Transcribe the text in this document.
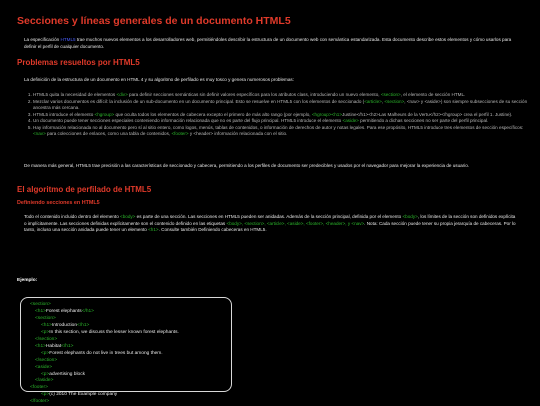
Secciones y líneas generales de un documento HTML5

La especificación HTML5 trae muchos nuevos elementos a los desarrolladores web, permitiéndoles describir la estructura de un documento web con semántica estandarizada. Esta documento describe estos elementos y cómo usarlos para definir el perfil de cualquier documento.

Problemas resueltos por HTML5

La definición de la estructura de un documento en HTML 4 y su algoritmo de perfilado es muy tosco y genera numerosos problemas:

1. HTML5 quita la necesidad de elementos <div> para definir secciones semánticas sin definir valores específicos para los atributos class, introduciendo un nuevo elemento, <section>, el elemento de sección HTML.
2. Mezclar varios documentos es difícil: la inclusión de un sub-documento en un documento principal. Esto se resuelve en HTML5 con los elementos de seccionado (<article>, <section>, <nav> y <aside>) son siempre subsecciones de su sección ancestra más cercana.
3. HTML5 introduce el elemento <hgroup> que oculta todos los elementos de cabecera excepto el primero de más alto rango (por ejemplo, <hgroup><h1>Justine</h1><h2>Las Malheurs de la Vertu</h2></hgroup> crea el perfil 1. Justine).
4. Un documento puede tener secciones especiales conteniendo información relacionada que no es parte del flujo principal. HTML5 introduce el elemento <aside> permitiendo a dichas secciones no ser parte del perfil principal.
5. Hay información relacionada no al documento pero sí al sitio entero, como logos, menús, tablas de contenidos, o información de derechos de autor y notas legales. Para ese propósito, HTML5 introduce tres elementos de sección específicos: <nav> para colecciones de enlaces, como una tabla de contenidos, <footer> y <header> información relacionada con el sitio.

De manera más general, HTML5 trae precisión a las características de seccionado y cabecera, permitiendo a los perfiles de documento ser predecibles y usados por el navegador para mejorar la experiencia de usuario.

El algoritmo de perfilado de HTML5
Definiendo secciones en HTML5

Todo el contenido incluido dentro del elemento <body> es parte de una sección. Las secciones en HTML5 pueden ser anidadas. Además de la sección principal, definida por el elemento <body>, los límites de la sección son definidos explícita o implícitamente. Las secciones definidas explícitamente son el contenido definido en las etiquetas <body>, <section>, <article>, <aside>, <footer>, <header>, y <nav>. Nota: Cada sección puede tener su propia jerarquía de cabeceras. Por lo tanto, incluso una sección anidada puede tener un elemento <h1>. Consulte también Definiendo cabeceras en HTML5.

Ejemplo:
<section>
<h1>Forest elephants</h1>
<section>
<h1>Introduction</h1>
<p>In this section, we discuss the lesser known forest elephants.
</section>
<h1>Habitat</h1>
<p>Forest elephants do not live in trees but among them.
</section>
<aside>
<p>advertising block
</aside>
<footer>
<p>(c) 2010 The Example company
</footer>
